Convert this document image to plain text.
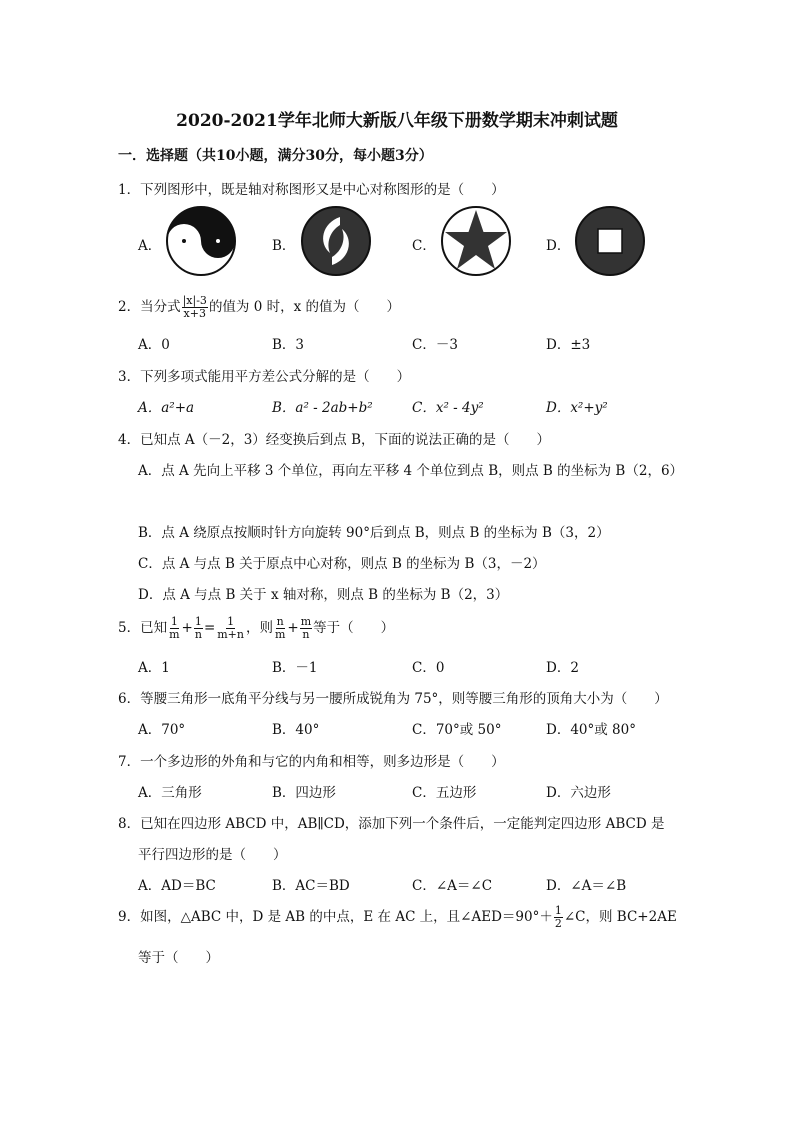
2020-2021学年北师大新版八年级下册数学期末冲刺试题
一．选择题（共10小题，满分30分，每小题3分）
1．下列图形中，既是轴对称图形又是中心对称图形的是（　　）
A．	B．	C．	D．
2．当分式 $\frac{|x|-3}{x+3}$ 的值为 0 时，x 的值为（　　）
A．0	B．3	C．－3	D．±3
3．下列多项式能用平方差公式分解的是（　　）
A．a²+a	B．a² - 2ab+b²	C．x² - 4y²	D．x²+y²
4．已知点 A（－2，3）经变换后到点 B，下面的说法正确的是（　　）
A．点 A 先向上平移 3 个单位，再向左平移 4 个单位到点 B，则点 B 的坐标为 B（2，6）
B．点 A 绕原点按顺时针方向旋转 90°后到点 B，则点 B 的坐标为 B（3，2）
C．点 A 与点 B 关于原点中心对称，则点 B 的坐标为 B（3，－2）
D．点 A 与点 B 关于 x 轴对称，则点 B 的坐标为 B（2，3）
5．已知 $\frac{1}{m} + \frac{1}{n} = \frac{1}{m+n}$ ，则 $\frac{n}{m} + \frac{m}{n}$ 等于（　　）
A．1	B．－1	C．0	D．2
6．等腰三角形一底角平分线与另一腰所成锐角为 75°，则等腰三角形的顶角大小为（　　）
A．70°	B．40°	C．70°或 50°	D．40°或 80°
7．一个多边形的外角和与它的内角和相等，则多边形是（　　）
A．三角形	B．四边形	C．五边形	D．六边形
8．已知在四边形 ABCD 中，AB∥CD，添加下列一个条件后，一定能判定四边形 ABCD 是
平行四边形的是（　　）
A．AD＝BC	B．AC＝BD	C．∠A＝∠C	D．∠A＝∠B
9．如图，△ABC 中，D 是 AB 的中点，E 在 AC 上，且∠AED＝90°＋ $\frac{1}{2}$ ∠C，则 BC+2AE
等于（　　）
